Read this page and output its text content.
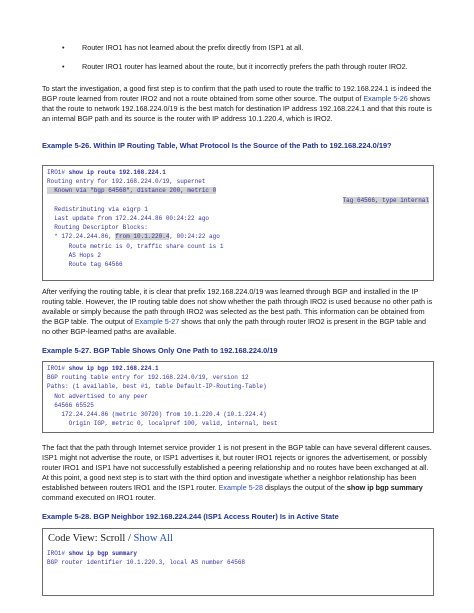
• Router IRO1 has not learned about the prefix directly from ISP1 at all.
• Router IRO1 router has learned about the route, but it incorrectly prefers the path through router IRO2.
To start the investigation, a good first step is to confirm that the path used to route the traffic to 192.168.224.1 is indeed the BGP route learned from router IRO2 and not a route obtained from some other source. The output of Example 5-26 shows that the route to network 192.168.224.0/19 is the best match for destination IP address 192.168.224.1 and that this route is an internal BGP path and its source is the router with IP address 10.1.220.4, which is IRO2.
Example 5-26. Within IP Routing Table, What Protocol Is the Source of the Path to 192.168.224.0/19?
IRO1# show ip route 192.168.224.1
Routing entry for 192.168.224.0/19, supernet
Known via "bgp 64568", distance 200, metric 0
Tag 64566, type internal
Redistributing via eigrp 1
Last update from 172.24.244.86 00:24:22 ago
Routing Descriptor Blocks:
* 172.24.244.86, from 10.1.220.4, 00:24:22 ago
Route metric is 0, traffic share count is 1
AS Hops 2
Route tag 64566
After verifying the routing table, it is clear that prefix 192.168.224.0/19 was learned through BGP and installed in the IP routing table. However, the IP routing table does not show whether the path through IRO2 is used because no other path is available or simply because the path through IRO2 was selected as the best path. This information can be obtained from the BGP table. The output of Example 5-27 shows that only the path through router IRO2 is present in the BGP table and no other BGP-learned paths are available.
Example 5-27. BGP Table Shows Only One Path to 192.168.224.0/19
IRO1# show ip bgp 192.168.224.1
BGP routing table entry for 192.168.224.0/19, version 12
Paths: (1 available, best #1, table Default-IP-Routing-Table)
Not advertised to any peer
64566 65525
172.24.244.86 (metric 30720) from 10.1.220.4 (10.1.224.4)
Origin IGP, metric 0, localpref 100, valid, internal, best
The fact that the path through Internet service provider 1 is not present in the BGP table can have several different causes. ISP1 might not advertise the route, or ISP1 advertises it, but router IRO1 rejects or ignores the advertisement, or possibly router IRO1 and ISP1 have not successfully established a peering relationship and no routes have been exchanged at all. At this point, a good next step is to start with the third option and investigate whether a neighbor relationship has been established between routers IRO1 and the ISP1 router. Example 5-28 displays the output of the show ip bgp summary command executed on IRO1 router.
Example 5-28. BGP Neighbor 192.168.224.244 (ISP1 Access Router) Is in Active State
Code View: Scroll / Show All
IRO1# show ip bgp summary
BGP router identifier 10.1.220.3, local AS number 64568
